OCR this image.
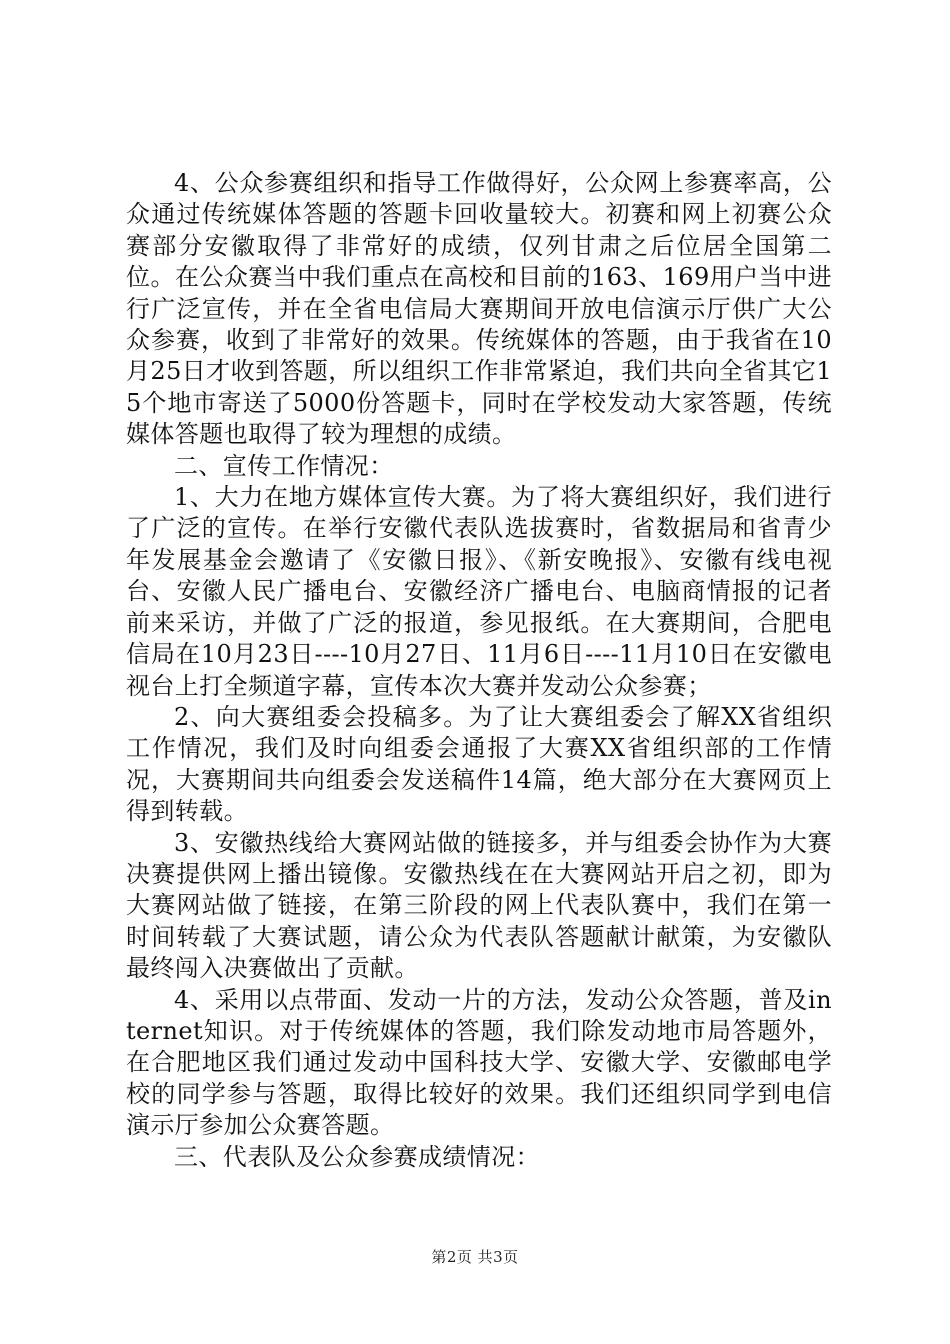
4、公众参赛组织和指导工作做得好，公众网上参赛率高，公众通过传统媒体答题的答题卡回收量较大。初赛和网上初赛公众赛部分安徽取得了非常好的成绩，仅列甘肃之后位居全国第二位。在公众赛当中我们重点在高校和目前的163、169用户当中进行广泛宣传，并在全省电信局大赛期间开放电信演示厅供广大公众参赛，收到了非常好的效果。传统媒体的答题，由于我省在10月25日才收到答题，所以组织工作非常紧迫，我们共向全省其它15个地市寄送了5000份答题卡，同时在学校发动大家答题，传统媒体答题也取得了较为理想的成绩。

二、宣传工作情况：

1、大力在地方媒体宣传大赛。为了将大赛组织好，我们进行了广泛的宣传。在举行安徽代表队选拔赛时，省数据局和省青少年发展基金会邀请了《安徽日报》、《新安晚报》、安徽有线电视台、安徽人民广播电台、安徽经济广播电台、电脑商情报的记者前来采访，并做了广泛的报道，参见报纸。在大赛期间，合肥电信局在10月23日----10月27日、11月6日----11月10日在安徽电视台上打全频道字幕，宣传本次大赛并发动公众参赛；

2、向大赛组委会投稿多。为了让大赛组委会了解XX省组织工作情况，我们及时向组委会通报了大赛XX省组织部的工作情况，大赛期间共向组委会发送稿件14篇，绝大部分在大赛网页上得到转载。

3、安徽热线给大赛网站做的链接多，并与组委会协作为大赛决赛提供网上播出镜像。安徽热线在在大赛网站开启之初，即为大赛网站做了链接，在第三阶段的网上代表队赛中，我们在第一时间转载了大赛试题，请公众为代表队答题献计献策，为安徽队最终闯入决赛做出了贡献。

4、采用以点带面、发动一片的方法，发动公众答题，普及internet知识。对于传统媒体的答题，我们除发动地市局答题外，在合肥地区我们通过发动中国科技大学、安徽大学、安徽邮电学校的同学参与答题，取得比较好的效果。我们还组织同学到电信演示厅参加公众赛答题。

三、代表队及公众参赛成绩情况：

第2页 共3页
